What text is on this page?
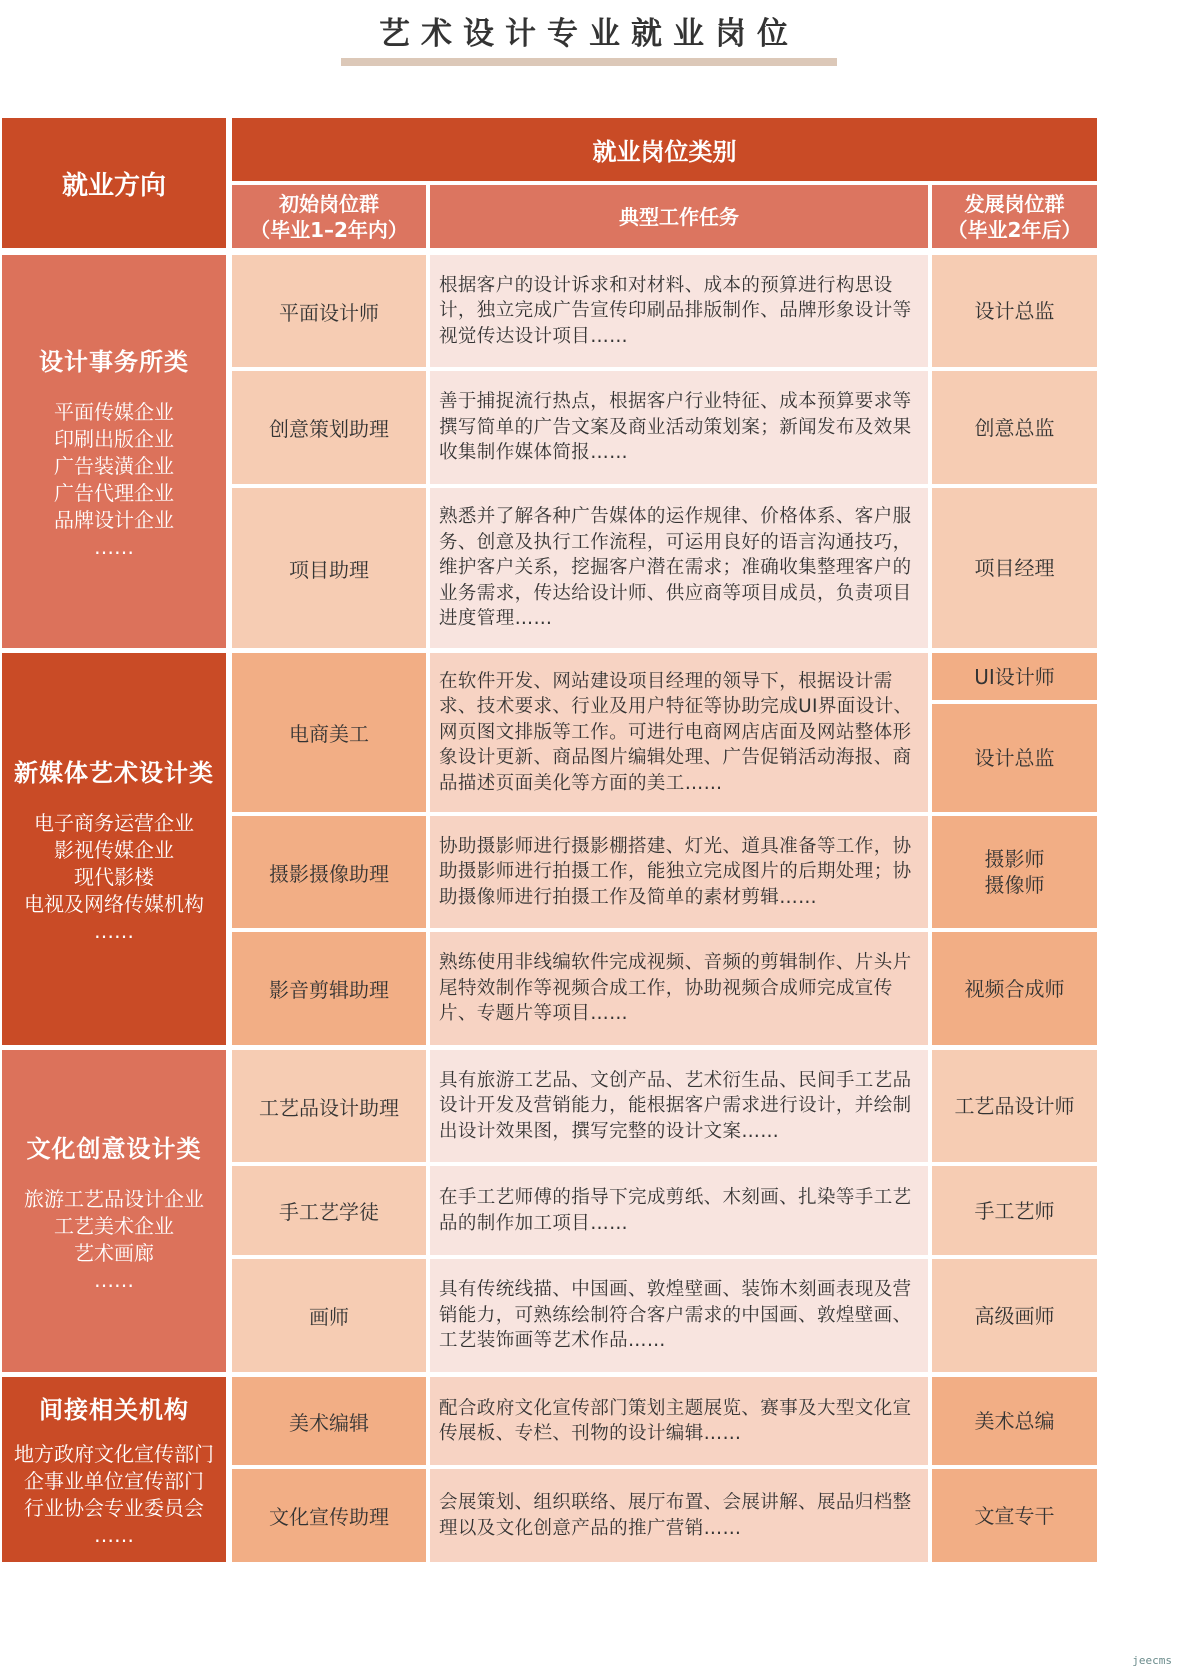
艺术设计专业就业岗位
就业方向
就业岗位类别
初始岗位群
（毕业1–2年内）
典型工作任务
发展岗位群
（毕业2年后）
设计事务所类
平面传媒企业
印刷出版企业
广告装潢企业
广告代理企业
品牌设计企业
……
平面设计师
根据客户的设计诉求和对材料、成本的预算进行构思设计，独立完成广告宣传印刷品排版制作、品牌形象设计等视觉传达设计项目……
设计总监
创意策划助理
善于捕捉流行热点，根据客户行业特征、成本预算要求等撰写简单的广告文案及商业活动策划案；新闻发布及效果收集制作媒体简报……
创意总监
项目助理
熟悉并了解各种广告媒体的运作规律、价格体系、客户服务、创意及执行工作流程，可运用良好的语言沟通技巧，维护客户关系，挖掘客户潜在需求；准确收集整理客户的业务需求，传达给设计师、供应商等项目成员，负责项目进度管理……
项目经理
新媒体艺术设计类
电子商务运营企业
影视传媒企业
现代影楼
电视及网络传媒机构
……
电商美工
在软件开发、网站建设项目经理的领导下，根据设计需求、技术要求、行业及用户特征等协助完成UI界面设计、网页图文排版等工作。可进行电商网店店面及网站整体形象设计更新、商品图片编辑处理、广告促销活动海报、商品描述页面美化等方面的美工……
UI设计师
设计总监
摄影摄像助理
协助摄影师进行摄影棚搭建、灯光、道具准备等工作，协助摄影师进行拍摄工作，能独立完成图片的后期处理；协助摄像师进行拍摄工作及简单的素材剪辑……
摄影师
摄像师
影音剪辑助理
熟练使用非线编软件完成视频、音频的剪辑制作、片头片尾特效制作等视频合成工作，协助视频合成师完成宣传片、专题片等项目……
视频合成师
文化创意设计类
旅游工艺品设计企业
工艺美术企业
艺术画廊
……
工艺品设计助理
具有旅游工艺品、文创产品、艺术衍生品、民间手工艺品设计开发及营销能力，能根据客户需求进行设计，并绘制出设计效果图，撰写完整的设计文案……
工艺品设计师
手工艺学徒
在手工艺师傅的指导下完成剪纸、木刻画、扎染等手工艺品的制作加工项目……
手工艺师
画师
具有传统线描、中国画、敦煌壁画、装饰木刻画表现及营销能力，可熟练绘制符合客户需求的中国画、敦煌壁画、工艺装饰画等艺术作品……
高级画师
间接相关机构
地方政府文化宣传部门
企事业单位宣传部门
行业协会专业委员会
……
美术编辑
配合政府文化宣传部门策划主题展览、赛事及大型文化宣传展板、专栏、刊物的设计编辑……
美术总编
文化宣传助理
会展策划、组织联络、展厅布置、会展讲解、展品归档整理以及文化创意产品的推广营销……
文宣专干
jeecms
